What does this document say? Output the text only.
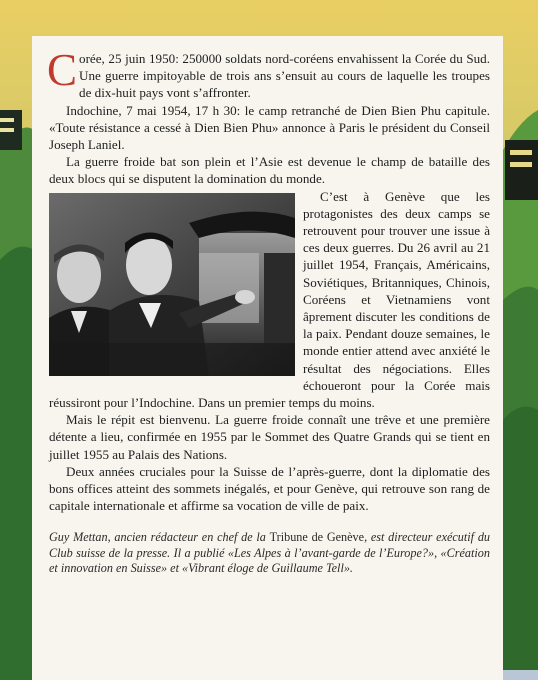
Corée, 25 juin 1950: 250000 soldats nord-coréens envahissent la Corée du Sud. Une guerre impitoyable de trois ans s’ensuit au cours de laquelle les troupes de dix-huit pays vont s’affronter.

Indochine, 7 mai 1954, 17 h 30: le camp retranché de Dien Bien Phu capitule. «Toute résistance a cessé à Dien Bien Phu» annonce à Paris le président du Conseil Joseph Laniel.

La guerre froide bat son plein et l’Asie est devenue le champ de bataille des deux blocs qui se disputent la domination du monde.

C’est à Genève que les protagonistes des deux camps se retrouvent pour trouver une issue à ces deux guerres. Du 26 avril au 21 juillet 1954, Français, Américains, Soviétiques, Britanniques, Chinois, Coréens et Vietnamiens vont âprement discuter les conditions de la paix. Pendant douze semaines, le monde entier attend avec anxiété le résultat des négociations. Elles échoueront pour la Corée mais réussiront pour l’Indochine. Dans un premier temps du moins.

Mais le répit est bienvenu. La guerre froide connaît une trêve et une première détente a lieu, confirmée en 1955 par le Sommet des Quatre Grands qui se tient en juillet 1955 au Palais des Nations.

Deux années cruciales pour la Suisse de l’après-guerre, dont la diplomatie des bons offices atteint des sommets inégalés, et pour Genève, qui retrouve son rang de capitale internationale et affirme sa vocation de ville de paix.

Guy Mettan, ancien rédacteur en chef de la Tribune de Genève, est directeur exécutif du Club suisse de la presse. Il a publié «Les Alpes à l’avant-garde de l’Europe?», «Création et innovation en Suisse» et «Vibrant éloge de Guillaume Tell».
